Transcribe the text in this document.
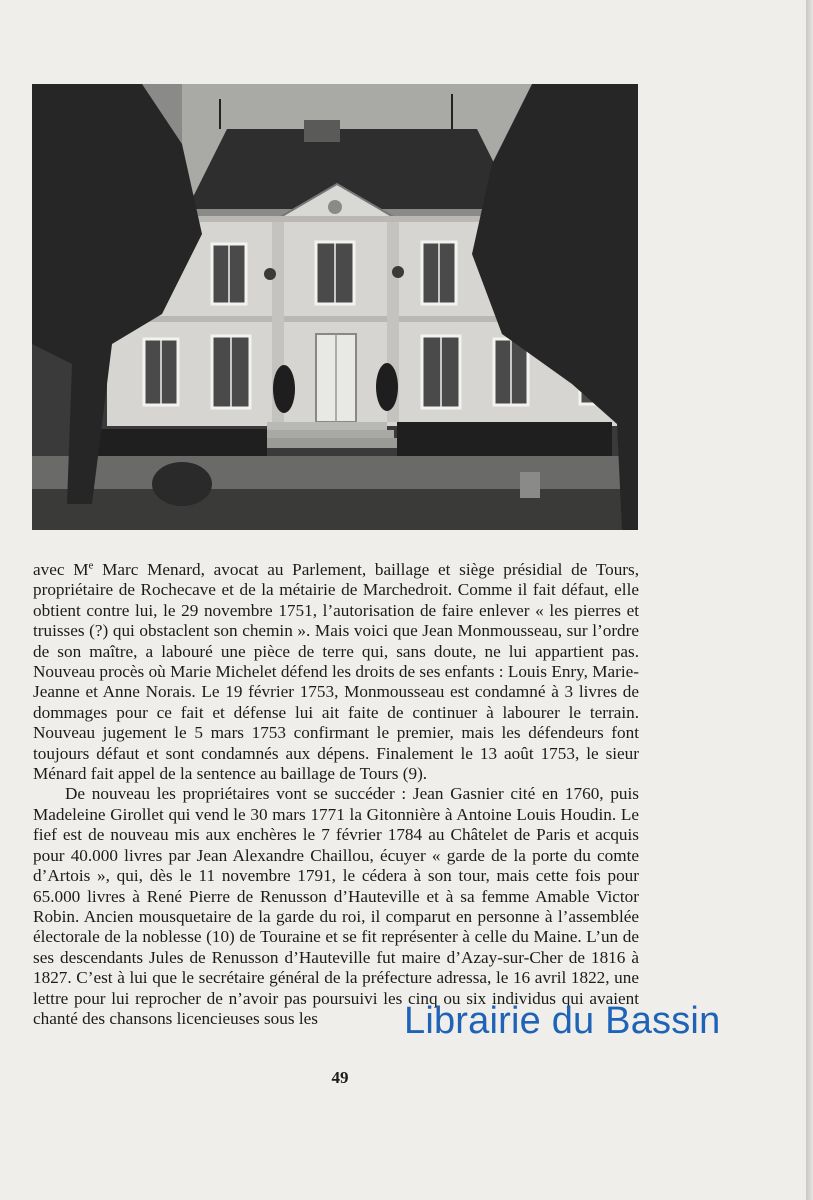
avec Me Marc Menard, avocat au Parlement, baillage et siège présidial de Tours, propriétaire de Rochecave et de la métairie de Marchedroit. Comme il fait défaut, elle obtient contre lui, le 29 novembre 1751, l’autorisation de faire enlever « les pierres et truisses (?) qui obstaclent son chemin ». Mais voici que Jean Monmousseau, sur l’ordre de son maître, a labouré une pièce de terre qui, sans doute, ne lui appartient pas. Nouveau procès où Marie Michelet défend les droits de ses enfants : Louis Enry, Marie-Jeanne et Anne Norais. Le 19 février 1753, Monmousseau est condamné à 3 livres de dommages pour ce fait et défense lui ait faite de continuer à labourer le terrain. Nouveau jugement le 5 mars 1753 confirmant le premier, mais les défendeurs font toujours défaut et sont condamnés aux dépens. Finalement le 13 août 1753, le sieur Ménard fait appel de la sentence au baillage de Tours (9).

De nouveau les propriétaires vont se succéder : Jean Gasnier cité en 1760, puis Madeleine Girollet qui vend le 30 mars 1771 la Gitonnière à Antoine Louis Houdin. Le fief est de nouveau mis aux enchères le 7 février 1784 au Châtelet de Paris et acquis pour 40.000 livres par Jean Alexandre Chaillou, écuyer « garde de la porte du comte d’Artois », qui, dès le 11 novembre 1791, le cédera à son tour, mais cette fois pour 65.000 livres à René Pierre de Renusson d’Hauteville et à sa femme Amable Victor Robin. Ancien mousquetaire de la garde du roi, il comparut en personne à l’assemblée électorale de la noblesse (10) de Touraine et se fit représenter à celle du Maine. L’un de ses descendants Jules de Renusson d’Hauteville fut maire d’Azay-sur-Cher de 1816 à 1827. C’est à lui que le secrétaire général de la préfecture adressa, le 16 avril 1822, une lettre pour lui reprocher de n’avoir pas poursuivi les cinq ou six individus qui avaient chanté des chansons licencieuses sous les	Librairie du Bassin
49
